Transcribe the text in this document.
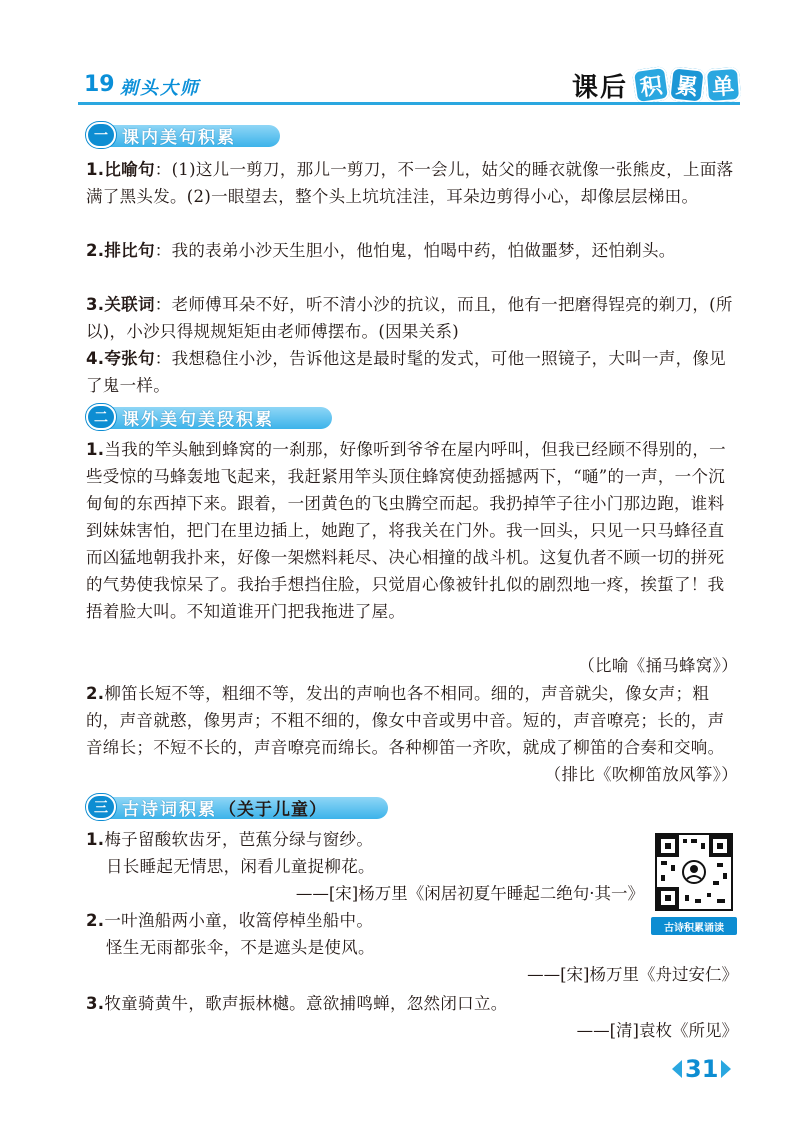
19 剃头大师	课后 积 累 单
一 课内美句积累
1.比喻句：(1)这儿一剪刀，那儿一剪刀，不一会儿，姑父的睡衣就像一张熊皮，上面落满了黑头发。(2)一眼望去，整个头上坑坑洼洼，耳朵边剪得小心，却像层层梯田。
2.排比句：我的表弟小沙天生胆小，他怕鬼，怕喝中药，怕做噩梦，还怕剃头。
3.关联词：老师傅耳朵不好，听不清小沙的抗议，而且，他有一把磨得锃亮的剃刀，(所以)，小沙只得规规矩矩由老师傅摆布。(因果关系)
4.夸张句：我想稳住小沙，告诉他这是最时髦的发式，可他一照镜子，大叫一声，像见了鬼一样。
二 课外美句美段积累
1.当我的竿头触到蜂窝的一刹那，好像听到爷爷在屋内呼叫，但我已经顾不得别的，一些受惊的马蜂轰地飞起来，我赶紧用竿头顶住蜂窝使劲摇撼两下，“嗵”的一声，一个沉甸甸的东西掉下来。跟着，一团黄色的飞虫腾空而起。我扔掉竿子往小门那边跑，谁料到妹妹害怕，把门在里边插上，她跑了，将我关在门外。我一回头，只见一只马蜂径直而凶猛地朝我扑来，好像一架燃料耗尽、决心相撞的战斗机。这复仇者不顾一切的拼死的气势使我惊呆了。我抬手想挡住脸，只觉眉心像被针扎似的剧烈地一疼，挨蜇了！我捂着脸大叫。不知道谁开门把我拖进了屋。
（比喻《捅马蜂窝》）
2.柳笛长短不等，粗细不等，发出的声响也各不相同。细的，声音就尖，像女声；粗的，声音就憨，像男声；不粗不细的，像女中音或男中音。短的，声音嘹亮；长的，声音绵长；不短不长的，声音嘹亮而绵长。各种柳笛一齐吹，就成了柳笛的合奏和交响。
（排比《吹柳笛放风筝》）
三 古诗词积累 （关于儿童）
1.梅子留酸软齿牙，芭蕉分绿与窗纱。
日长睡起无情思，闲看儿童捉柳花。
——[宋]杨万里《闲居初夏午睡起二绝句·其一》
2.一叶渔船两小童，收篙停棹坐船中。
怪生无雨都张伞，不是遮头是使风。
——[宋]杨万里《舟过安仁》
3.牧童骑黄牛，歌声振林樾。意欲捕鸣蝉，忽然闭口立。
——[清]袁枚《所见》
古诗积累诵读
31
